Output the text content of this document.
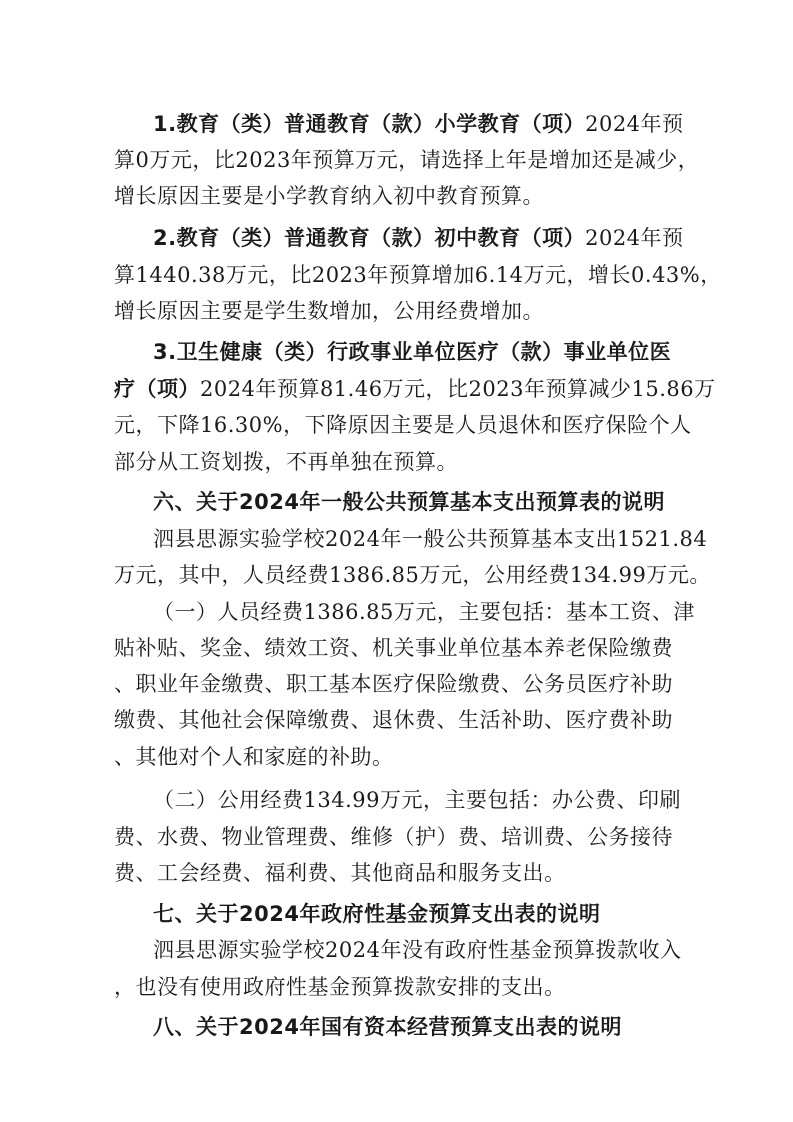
1.教育（类）普通教育（款）小学教育（项）2024年预
算0万元，比2023年预算万元，请选择上年是增加还是减少，
增长原因主要是小学教育纳入初中教育预算。
2.教育（类）普通教育（款）初中教育（项）2024年预
算1440.38万元，比2023年预算增加6.14万元，增长0.43%，
增长原因主要是学生数增加，公用经费增加。
3.卫生健康（类）行政事业单位医疗（款）事业单位医
疗（项）2024年预算81.46万元，比2023年预算减少15.86万
元，下降16.30%，下降原因主要是人员退休和医疗保险个人
部分从工资划拨，不再单独在预算。
六、关于2024年一般公共预算基本支出预算表的说明
泗县思源实验学校2024年一般公共预算基本支出1521.84
万元，其中，人员经费1386.85万元，公用经费134.99万元。
（一）人员经费1386.85万元，主要包括：基本工资、津
贴补贴、奖金、绩效工资、机关事业单位基本养老保险缴费
、职业年金缴费、职工基本医疗保险缴费、公务员医疗补助
缴费、其他社会保障缴费、退休费、生活补助、医疗费补助
、其他对个人和家庭的补助。
（二）公用经费134.99万元，主要包括：办公费、印刷
费、水费、物业管理费、维修（护）费、培训费、公务接待
费、工会经费、福利费、其他商品和服务支出。
七、关于2024年政府性基金预算支出表的说明
泗县思源实验学校2024年没有政府性基金预算拨款收入
，也没有使用政府性基金预算拨款安排的支出。
八、关于2024年国有资本经营预算支出表的说明
